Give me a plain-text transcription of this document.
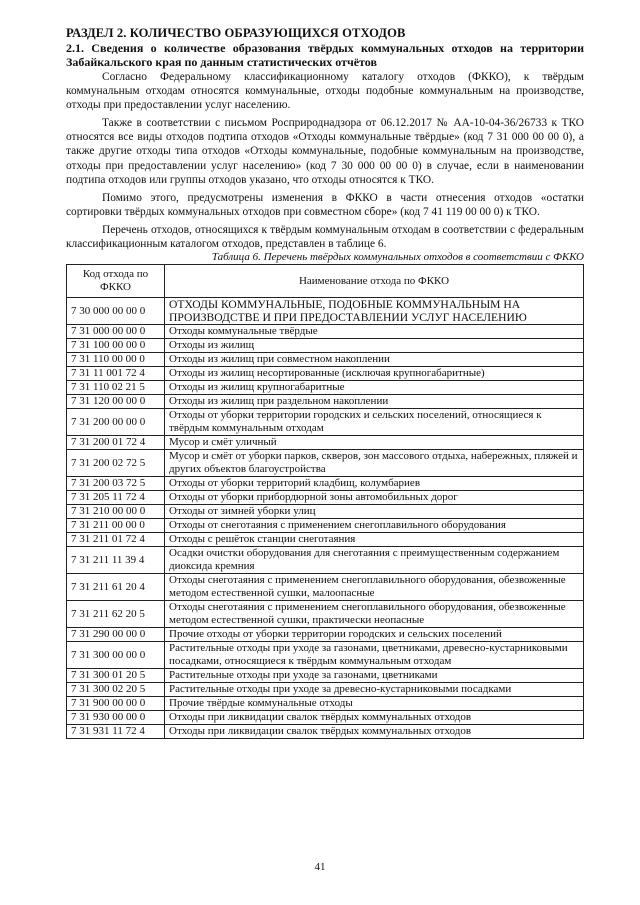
РАЗДЕЛ 2. КОЛИЧЕСТВО ОБРАЗУЮЩИХСЯ ОТХОДОВ
2.1. Сведения о количестве образования твёрдых коммунальных отходов на территории Забайкальского края по данным статистических отчётов

Согласно Федеральному классификационному каталогу отходов (ФККО), к твёрдым коммунальным отходам относятся коммунальные, отходы подобные коммунальным на производстве, отходы при предоставлении услуг населению.

Также в соответствии с письмом Росприроднадзора от 06.12.2017 № АА-10-04-36/26733 к ТКО относятся все виды отходов подтипа отходов «Отходы коммунальные твёрдые» (код 7 31 000 00 00 0), а также другие отходы типа отходов «Отходы коммунальные, подобные коммунальным на производстве, отходы при предоставлении услуг населению» (код 7 30 000 00 00 0) в случае, если в наименовании подтипа отходов или группы отходов указано, что отходы относятся к ТКО.

Помимо этого, предусмотрены изменения в ФККО в части отнесения отходов «остатки сортировки твёрдых коммунальных отходов при совместном сборе» (код 7 41 119 00 00 0) к ТКО.

Перечень отходов, относящихся к твёрдым коммунальным отходам в соответствии с федеральным классификационным каталогом отходов, представлен в таблице 6.

Таблица 6. Перечень твёрдых коммунальных отходов в соответствии с ФККО
Код отхода по ФККО	Наименование отхода по ФККО
7 30 000 00 00 0	ОТХОДЫ КОММУНАЛЬНЫЕ, ПОДОБНЫЕ КОММУНАЛЬНЫМ НА ПРОИЗВОДСТВЕ И ПРИ ПРЕДОСТАВЛЕНИИ УСЛУГ НАСЕЛЕНИЮ
7 31 000 00 00 0	Отходы коммунальные твёрдые
7 31 100 00 00 0	Отходы из жилищ
7 31 110 00 00 0	Отходы из жилищ при совместном накоплении
7 31 11 001 72 4	Отходы из жилищ несортированные (исключая крупногабаритные)
7 31 110 02 21 5	Отходы из жилищ крупногабаритные
7 31 120 00 00 0	Отходы из жилищ при раздельном накоплении
7 31 200 00 00 0	Отходы от уборки территории городских и сельских поселений, относящиеся к твёрдым коммунальным отходам
7 31 200 01 72 4	Мусор и смёт уличный
7 31 200 02 72 5	Мусор и смёт от уборки парков, скверов, зон массового отдыха, набережных, пляжей и других объектов благоустройства
7 31 200 03 72 5	Отходы от уборки территорий кладбищ, колумбариев
7 31 205 11 72 4	Отходы от уборки прибордюрной зоны автомобильных дорог
7 31 210 00 00 0	Отходы от зимней уборки улиц
7 31 211 00 00 0	Отходы от снеготаяния с применением снегоплавильного оборудования
7 31 211 01 72 4	Отходы с решёток станции снеготаяния
7 31 211 11 39 4	Осадки очистки оборудования для снеготаяния с преимущественным содержанием диоксида кремния
7 31 211 61 20 4	Отходы снеготаяния с применением снегоплавильного оборудования, обезвоженные методом естественной сушки, малоопасные
7 31 211 62 20 5	Отходы снеготаяния с применением снегоплавильного оборудования, обезвоженные методом естественной сушки, практически неопасные
7 31 290 00 00 0	Прочие отходы от уборки территории городских и сельских поселений
7 31 300 00 00 0	Растительные отходы при уходе за газонами, цветниками, древесно-кустарниковыми посадками, относящиеся к твёрдым коммунальным отходам
7 31 300 01 20 5	Растительные отходы при уходе за газонами, цветниками
7 31 300 02 20 5	Растительные отходы при уходе за древесно-кустарниковыми посадками
7 31 900 00 00 0	Прочие твёрдые коммунальные отходы
7 31 930 00 00 0	Отходы при ликвидации свалок твёрдых коммунальных отходов
7 31 931 11 72 4	Отходы при ликвидации свалок твёрдых коммунальных отходов
41
